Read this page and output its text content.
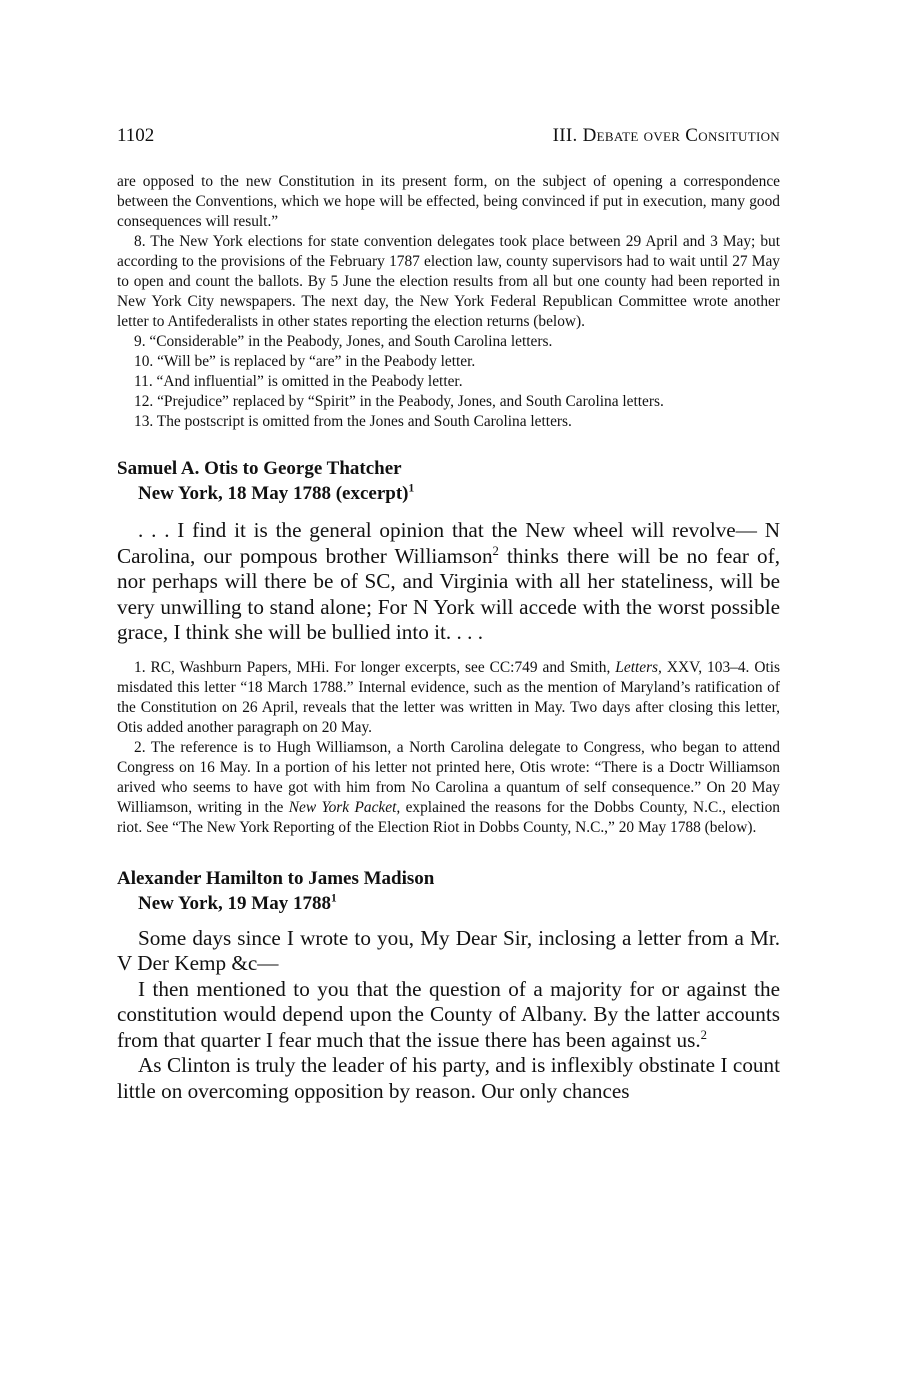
1102	III. Debate over Consitution

are opposed to the new Constitution in its present form, on the subject of opening a correspondence between the Conventions, which we hope will be effected, being convinced if put in execution, many good consequences will result.”

8. The New York elections for state convention delegates took place between 29 April and 3 May; but according to the provisions of the February 1787 election law, county supervisors had to wait until 27 May to open and count the ballots. By 5 June the election results from all but one county had been reported in New York City newspapers. The next day, the New York Federal Republican Committee wrote another letter to Antifederalists in other states reporting the election returns (below).

9. “Considerable” in the Peabody, Jones, and South Carolina letters.

10. “Will be” is replaced by “are” in the Peabody letter.

11. “And influential” is omitted in the Peabody letter.

12. “Prejudice” replaced by “Spirit” in the Peabody, Jones, and South Carolina letters.

13. The postscript is omitted from the Jones and South Carolina letters.

Samuel A. Otis to George Thatcher
New York, 18 May 1788 (excerpt)$^1$

. . . I find it is the general opinion that the New wheel will revolve— N Carolina, our pompous brother Williamson$^2$ thinks there will be no fear of, nor perhaps will there be of SC, and Virginia with all her stateliness, will be very unwilling to stand alone; For N York will accede with the worst possible grace, I think she will be bullied into it. . . .

1. RC, Washburn Papers, MHi. For longer excerpts, see CC:749 and Smith, Letters, XXV, 103–4. Otis misdated this letter “18 March 1788.” Internal evidence, such as the mention of Maryland’s ratification of the Constitution on 26 April, reveals that the letter was written in May. Two days after closing this letter, Otis added another paragraph on 20 May.

2. The reference is to Hugh Williamson, a North Carolina delegate to Congress, who began to attend Congress on 16 May. In a portion of his letter not printed here, Otis wrote: “There is a Doctr Williamson arived who seems to have got with him from No Carolina a quantum of self consequence.” On 20 May Williamson, writing in the New York Packet, explained the reasons for the Dobbs County, N.C., election riot. See “The New York Reporting of the Election Riot in Dobbs County, N.C.,” 20 May 1788 (below).

Alexander Hamilton to James Madison
New York, 19 May 1788$^1$

Some days since I wrote to you, My Dear Sir, inclosing a letter from a Mr. V Der Kemp &c—

I then mentioned to you that the question of a majority for or against the constitution would depend upon the County of Albany. By the latter accounts from that quarter I fear much that the issue there has been against us.$^2$

As Clinton is truly the leader of his party, and is inflexibly obstinate I count little on overcoming opposition by reason. Our only chances
